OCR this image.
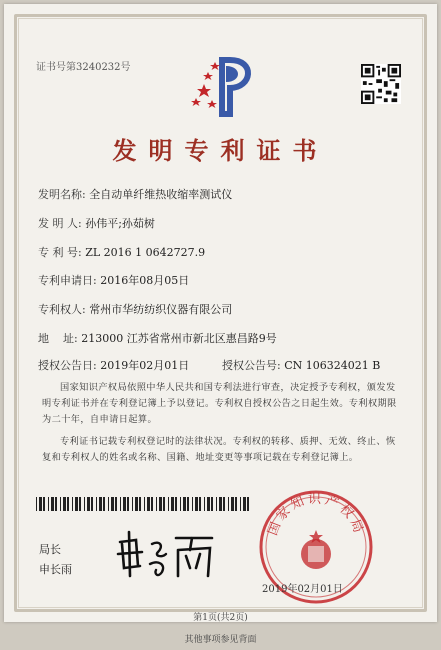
证书号第3240232号
发明专利证书
发明名称: 全自动单纤维热收缩率测试仪
发 明 人: 孙伟平;孙茹树
专 利 号: ZL 2016 1 0642727.9
专利申请日: 2016年08月05日
专利权人: 常州市华纺纺织仪器有限公司
地    址: 213000 江苏省常州市新北区惠昌路9号
授权公告日: 2019年02月01日	授权公告号: CN 106324021 B
国家知识产权局依照中华人民共和国专利法进行审查，决定授予专利权，颁发发明专利证书并在专利登记簿上予以登记。专利权自授权公告之日起生效。专利权期限为二十年，自申请日起算。
专利证书记载专利权登记时的法律状况。专利权的转移、质押、无效、终止、恢复和专利权人的姓名或名称、国籍、地址变更等事项记载在专利登记簿上。
局长
申长雨
国家知识产权局
2019年02月01日
第1页(共2页)
其他事项参见背面
